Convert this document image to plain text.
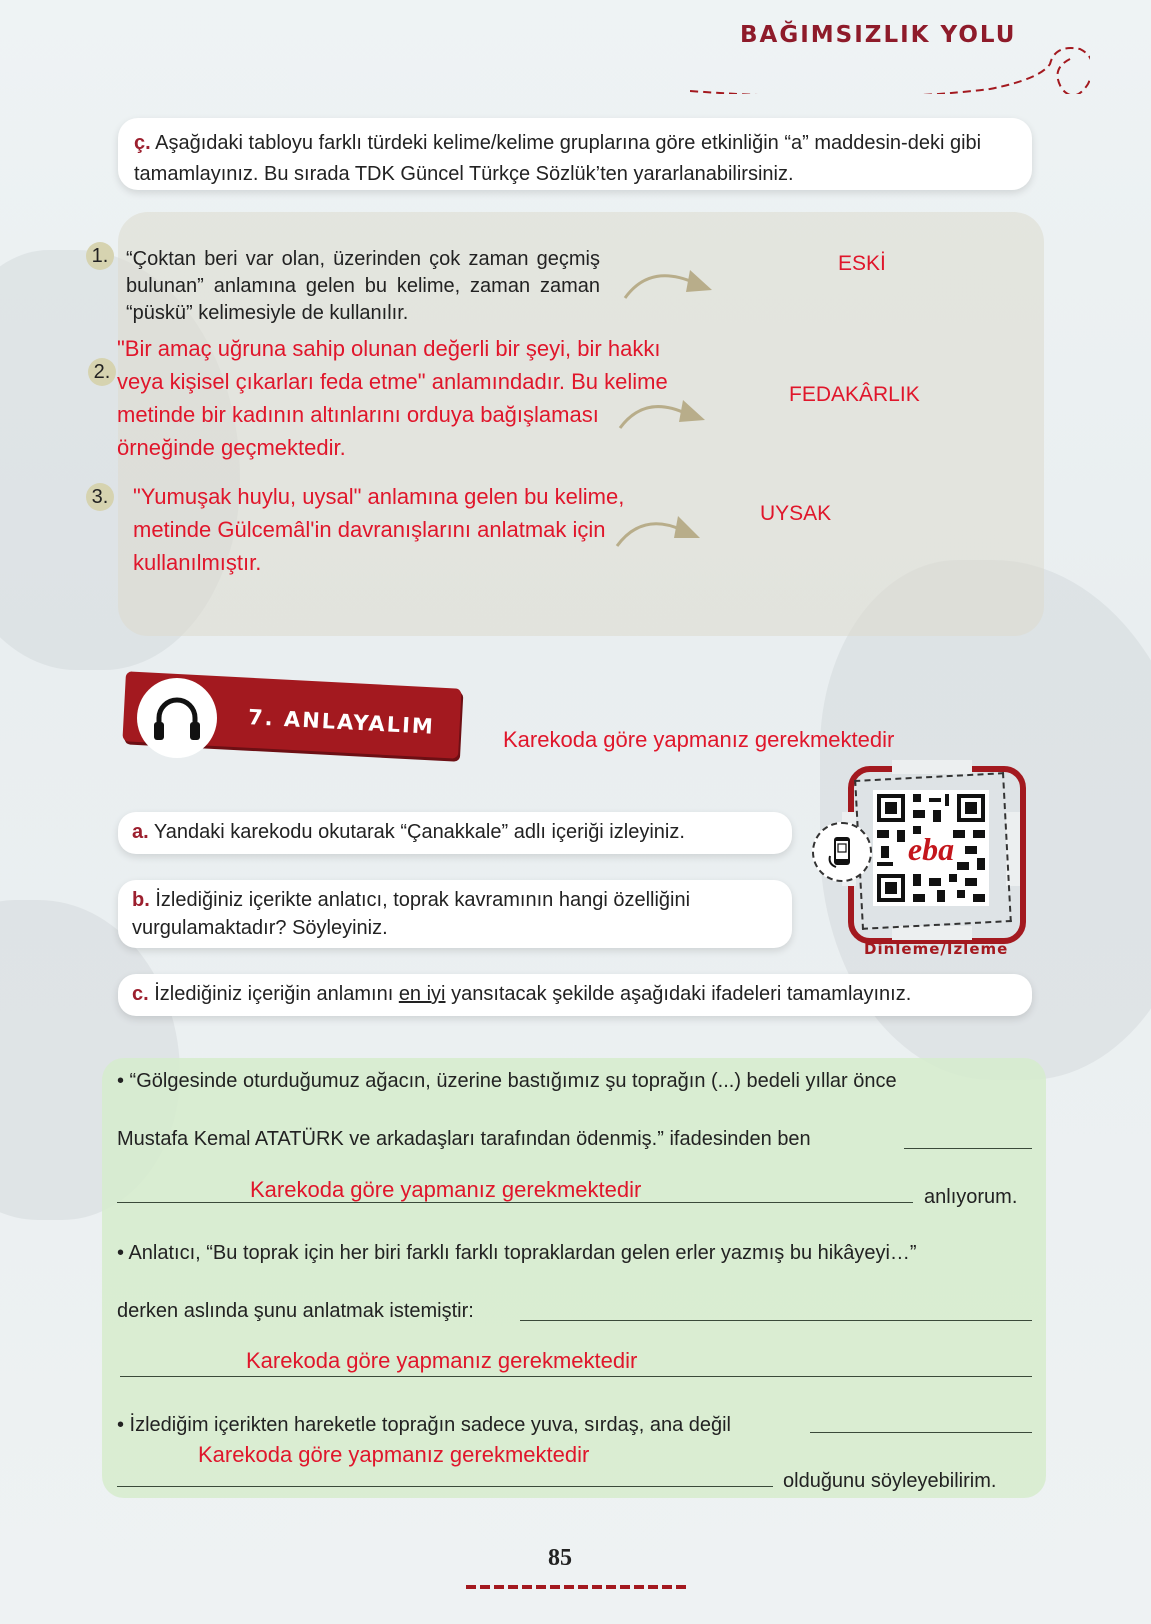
BAĞIMSIZLIK YOLU
ç. Aşağıdaki tabloyu farklı türdeki kelime/kelime gruplarına göre etkinliğin “a” maddesin-deki gibi tamamlayınız. Bu sırada TDK Güncel Türkçe Sözlük’ten yararlanabilirsiniz.
1. “Çoktan beri var olan, üzerinden çok zaman geçmiş bulunan” anlamına gelen bu kelime, zaman zaman “püskü” kelimesiyle de kullanılır.
ESKİ
2.
"Bir amaç uğruna sahip olunan değerli bir şeyi, bir hakkı veya kişisel çıkarları feda etme" anlamındadır. Bu kelime metinde bir kadının altınlarını orduya bağışlaması örneğinde geçmektedir.
FEDAKÂRLIK
3. "Yumuşak huylu, uysal" anlamına gelen bu kelime, metinde Gülcemâl'in davranışlarını anlatmak için kullanılmıştır.
UYSAK
7. ANLAYALIM
Karekoda göre yapmanız gerekmektedir
a. Yandaki karekodu okutarak “Çanakkale” adlı içeriği izleyiniz.
b. İzlediğiniz içerikte anlatıcı, toprak kavramının hangi özelliğini vurgulamaktadır? Söyleyiniz.
c. İzlediğiniz içeriğin anlamını en iyi yansıtacak şekilde aşağıdaki ifadeleri tamamlayınız.
eba
Dinleme/İzleme
• “Gölgesinde oturduğumuz ağacın, üzerine bastığımız şu toprağın (...) bedeli yıllar önce
Mustafa Kemal ATATÜRK ve arkadaşları tarafından ödenmiş.” ifadesinden ben
Karekoda göre yapmanız gerekmektedir	anlıyorum.
• Anlatıcı, “Bu toprak için her biri farklı farklı topraklardan gelen erler yazmış bu hikâyeyi…”
derken aslında şunu anlatmak istemiştir:
Karekoda göre yapmanız gerekmektedir
• İzlediğim içerikten hareketle toprağın sadece yuva, sırdaş, ana değil
Karekoda göre yapmanız gerekmektedir
olduğunu söyleyebilirim.
85
